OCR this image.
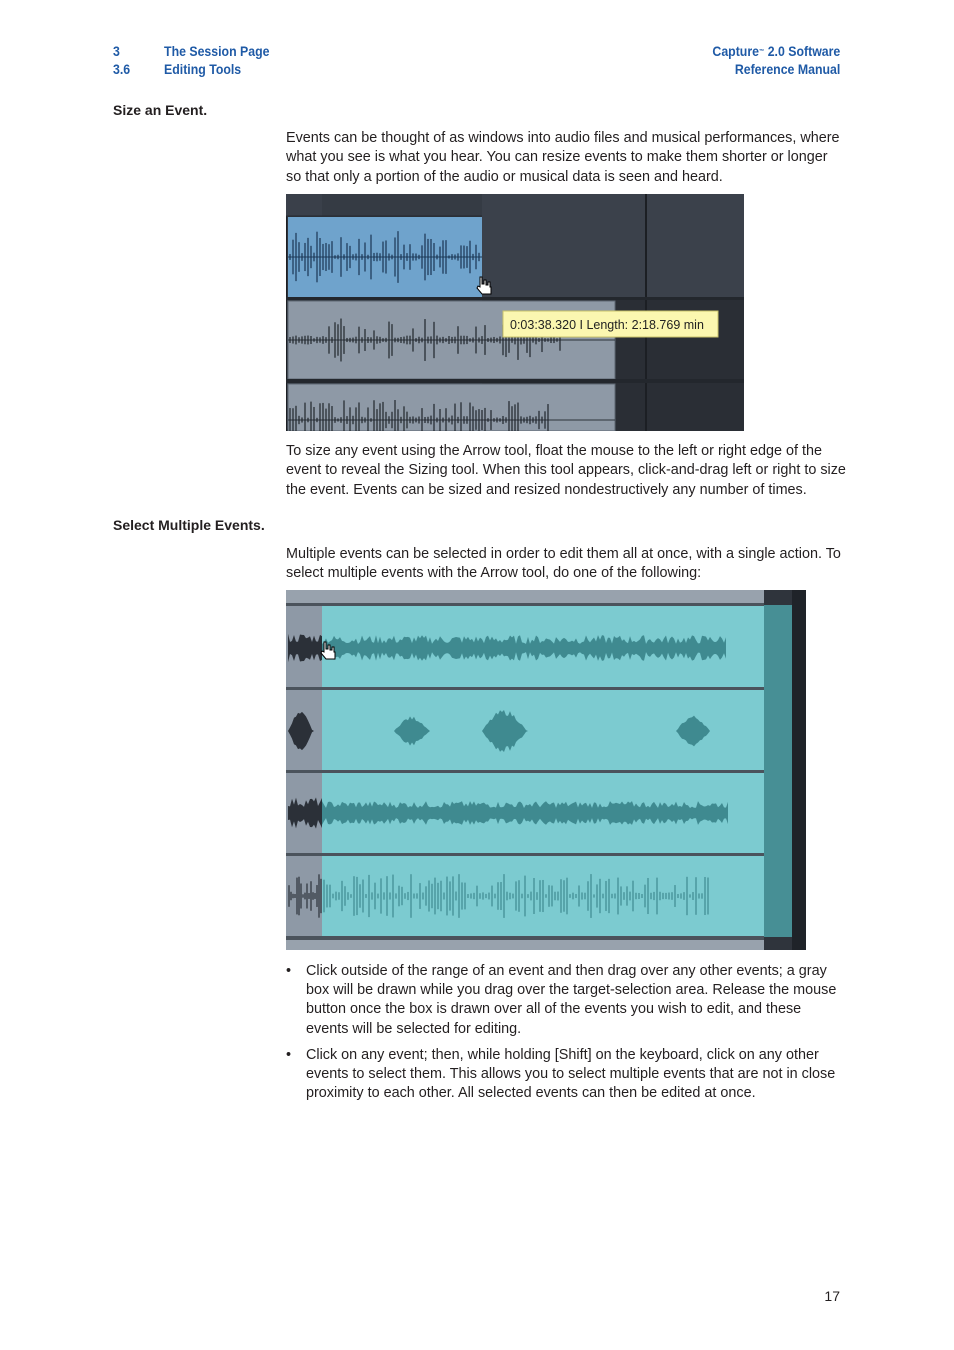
3	The Session Page
3.6	Editing Tools
Capture™ 2.0 Software
Reference Manual
Size an Event.

Events can be thought of as windows into audio files and musical performances, where what you see is what you hear. You can resize events to make them shorter or longer so that only a portion of the audio or musical data is seen and heard.

0:03:38.320 I Length: 2:18.769 min

To size any event using the Arrow tool, float the mouse to the left or right edge of the event to reveal the Sizing tool. When this tool appears, click-and-drag left or right to size the event. Events can be sized and resized nondestructively any number of times.

Select Multiple Events.

Multiple events can be selected in order to edit them all at once, with a single action. To select multiple events with the Arrow tool, do one of the following:

• Click outside of the range of an event and then drag over any other events; a gray box will be drawn while you drag over the target-selection area. Release the mouse button once the box is drawn over all of the events you wish to edit, and these events will be selected for editing.
• Click on any event; then, while holding [Shift] on the keyboard, click on any other events to select them. This allows you to select multiple events that are not in close proximity to each other. All selected events can then be edited at once.
17
